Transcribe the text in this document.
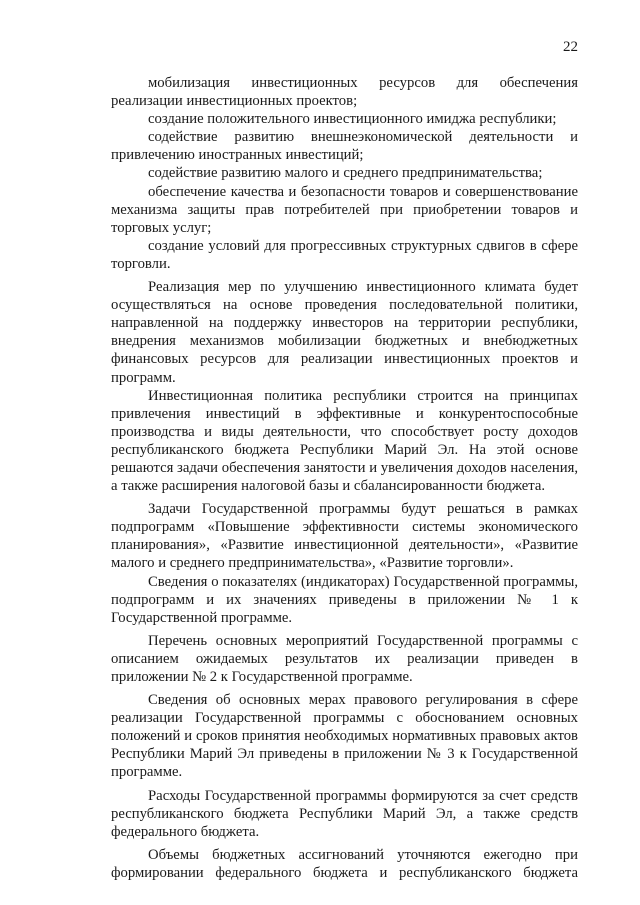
22

мобилизация инвестиционных ресурсов для обеспечения реализации инвестиционных проектов;

создание положительного инвестиционного имиджа республики;

содействие развитию внешнеэкономической деятельности и привлечению иностранных инвестиций;

содействие развитию малого и среднего предпринимательства;

обеспечение качества и безопасности товаров и совершенствование механизма защиты прав потребителей при приобретении товаров и торговых услуг;

создание условий для прогрессивных структурных сдвигов в сфере торговли.

Реализация мер по улучшению инвестиционного климата будет осуществляться на основе проведения последовательной политики, направленной на поддержку инвесторов на территории республики, внедрения механизмов мобилизации бюджетных и внебюджетных финансовых ресурсов для реализации инвестиционных проектов и программ.

Инвестиционная политика республики строится на принципах привлечения инвестиций в эффективные и конкурентоспособные производства и виды деятельности, что способствует росту доходов республиканского бюджета Республики Марий Эл. На этой основе решаются задачи обеспечения занятости и увеличения доходов населения, а также расширения налоговой базы и сбалансированности бюджета.

Задачи Государственной программы будут решаться в рамках подпрограмм «Повышение эффективности системы экономического планирования», «Развитие инвестиционной деятельности», «Развитие малого и среднего предпринимательства», «Развитие торговли».

Сведения о показателях (индикаторах) Государственной программы, подпрограмм и их значениях приведены в приложении № 1 к Государственной программе.

Перечень основных мероприятий Государственной программы с описанием ожидаемых результатов их реализации приведен в приложении № 2 к Государственной программе.

Сведения об основных мерах правового регулирования в сфере реализации Государственной программы с обоснованием основных положений и сроков принятия необходимых нормативных правовых актов Республики Марий Эл приведены в приложении № 3 к Государственной программе.

Расходы Государственной программы формируются за счет средств республиканского бюджета Республики Марий Эл, а также средств федерального бюджета.

Объемы бюджетных ассигнований уточняются ежегодно при формировании федерального бюджета и республиканского бюджета
